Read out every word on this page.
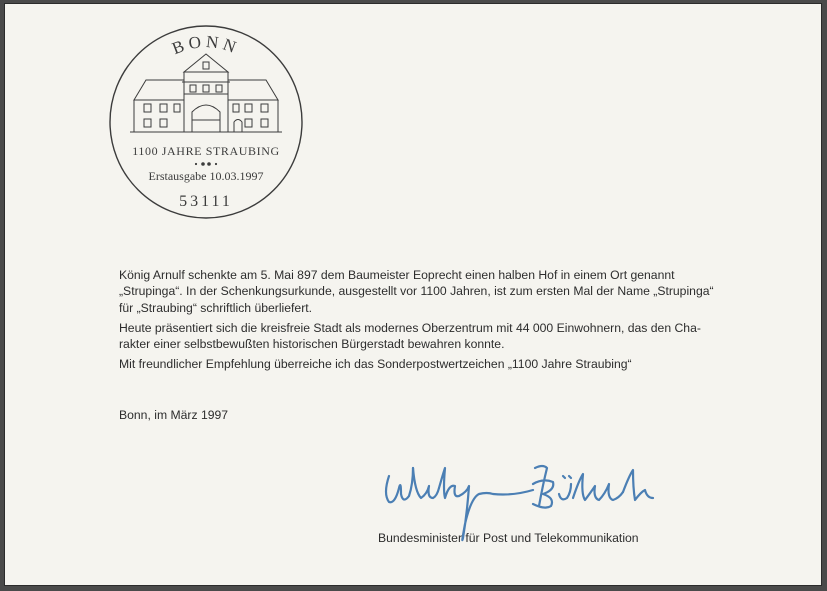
BONN
1100 JAHRE STRAUBING
Erstausgabe 10.03.1997
53111

König Arnulf schenkte am 5. Mai 897 dem Baumeister Eoprecht einen halben Hof in einem Ort genannt
„Strupinga“. In der Schenkungsurkunde, ausgestellt vor 1100 Jahren, ist zum ersten Mal der Name „Strupinga“
für „Straubing“ schriftlich überliefert.

Heute präsentiert sich die kreisfreie Stadt als modernes Oberzentrum mit 44 000 Einwohnern, das den Cha-
rakter einer selbstbewußten historischen Bürgerstadt bewahren konnte.

Mit freundlicher Empfehlung überreiche ich das Sonderpostwertzeichen „1100 Jahre Straubing“

Bonn, im März 1997
Bundesminister für Post und Telekommunikation
